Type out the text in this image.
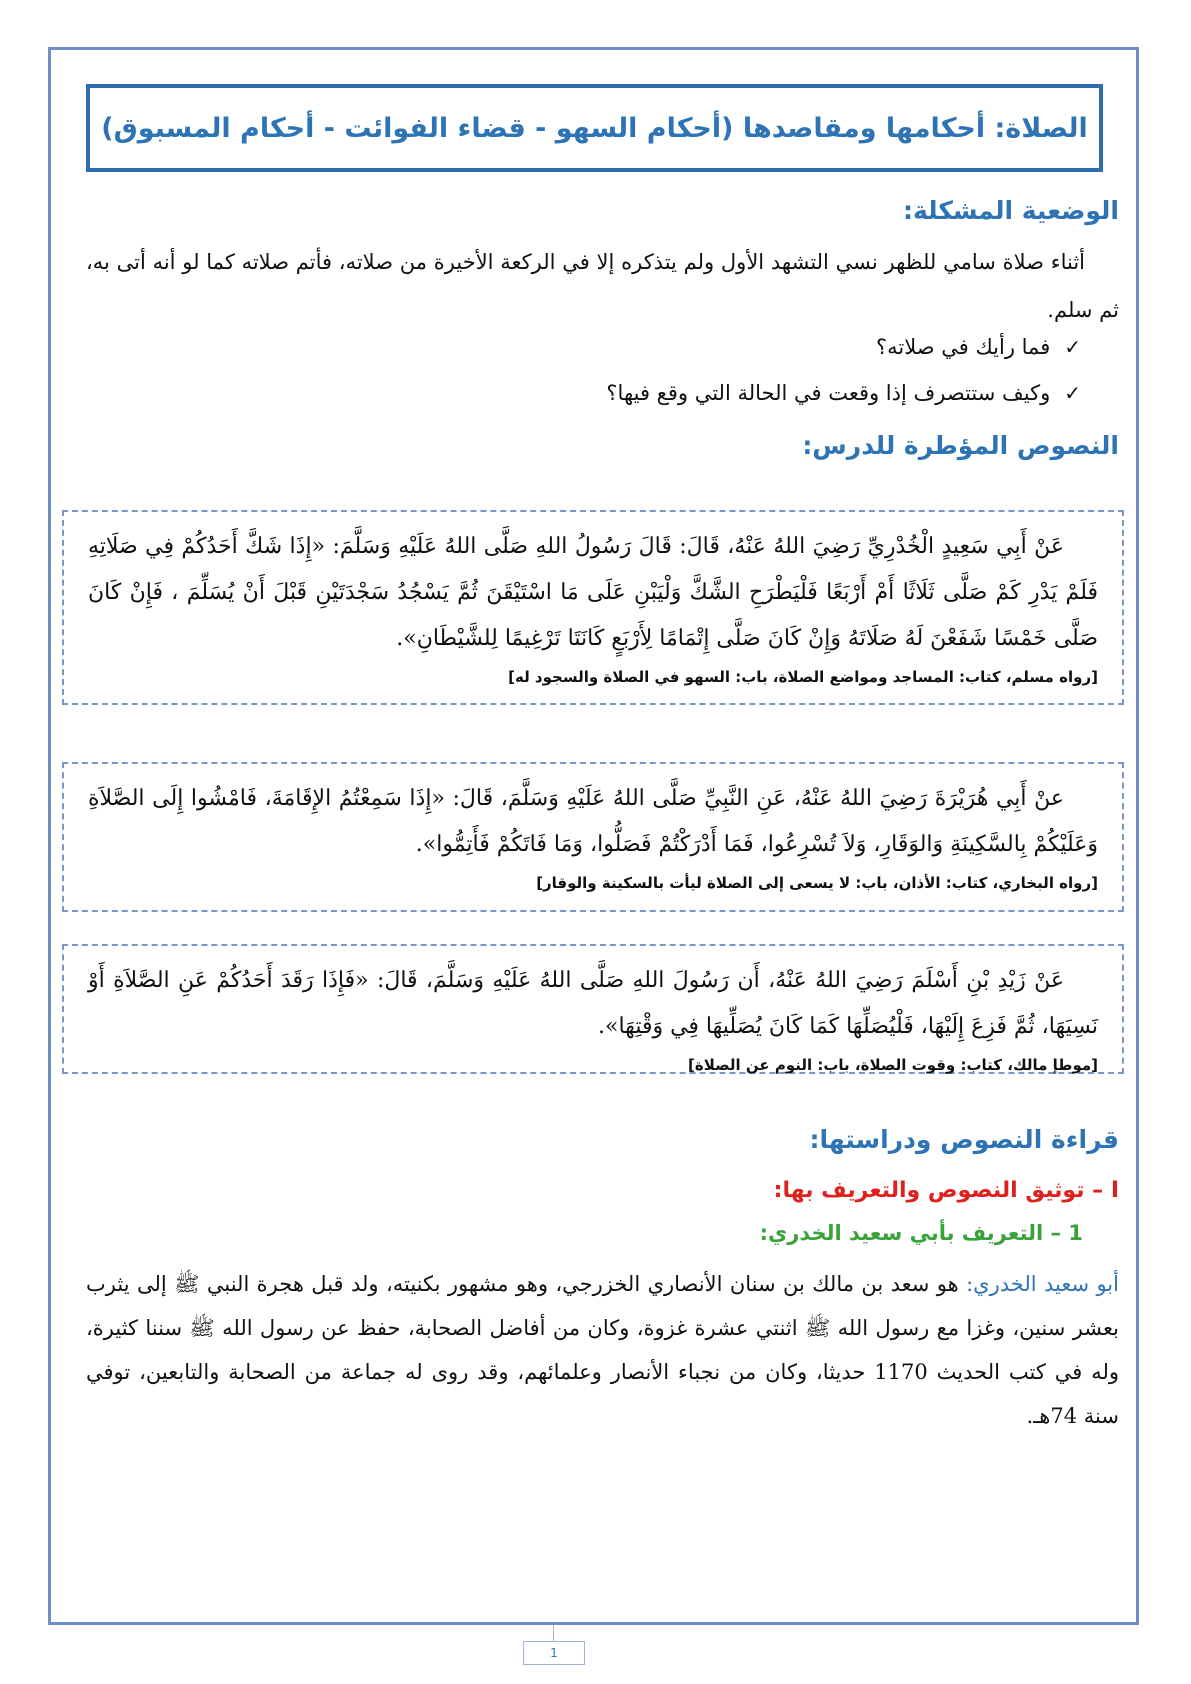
الصلاة: أحكامها ومقاصدها (أحكام السهو - قضاء الفوائت - أحكام المسبوق)
الوضعية المشكلة:
أثناء صلاة سامي للظهر نسي التشهد الأول ولم يتذكره إلا في الركعة الأخيرة من صلاته، فأتم صلاته كما لو أنه أتى به، ثم سلم.
✓
فما رأيك في صلاته؟
✓
وكيف ستتصرف إذا وقعت في الحالة التي وقع فيها؟
النصوص المؤطرة للدرس:
عَنْ أَبِي سَعِيدٍ الْخُدْرِيِّ رَضِيَ اللهُ عَنْهُ، قَالَ: قَالَ رَسُولُ اللهِ صَلَّى اللهُ عَلَيْهِ وَسَلَّمَ: «إِذَا شَكَّ أَحَدُكُمْ فِي صَلَاتِهِ فَلَمْ يَدْرِ كَمْ صَلَّى ثَلَاثًا أَمْ أَرْبَعًا فَلْيَطْرَحِ الشَّكَّ وَلْيَبْنِ عَلَى مَا اسْتَيْقَنَ ثُمَّ يَسْجُدُ سَجْدَتَيْنِ قَبْلَ أَنْ يُسَلِّمَ ، فَإِنْ كَانَ صَلَّى خَمْسًا شَفَعْنَ لَهُ صَلَاتَهُ وَإِنْ كَانَ صَلَّى إِتْمَامًا لِأَرْبَعٍ كَانَتَا تَرْغِيمًا لِلشَّيْطَانِ».
[رواه مسلم، كتاب: المساجد ومواضع الصلاة، باب: السهو في الصلاة والسجود له]
عنْ أَبِي هُرَيْرَةَ رَضِيَ اللهُ عَنْهُ، عَنِ النَّبِيِّ صَلَّى اللهُ عَلَيْهِ وَسَلَّمَ، قَالَ: «إِذَا سَمِعْتُمُ الإِقَامَةَ، فَامْشُوا إِلَى الصَّلاَةِ وَعَلَيْكُمْ بِالسَّكِينَةِ وَالوَقَارِ، وَلاَ تُسْرِعُوا، فَمَا أَدْرَكْتُمْ فَصَلُّوا، وَمَا فَاتَكُمْ فَأَتِمُّوا».
[رواه البخاري، كتاب: الأذان، باب: لا يسعى إلى الصلاة ليأت بالسكينة والوقار]
عَنْ زَيْدِ بْنِ أَسْلَمَ رَضِيَ اللهُ عَنْهُ، أَن رَسُولَ اللهِ صَلَّى اللهُ عَلَيْهِ وَسَلَّمَ، قَالَ: «فَإِذَا رَقَدَ أَحَدُكُمْ عَنِ الصَّلاَةِ أَوْ نَسِيَهَا، ثُمَّ فَزِعَ إِلَيْهَا، فَلْيُصَلِّهَا كَمَا كَانَ يُصَلِّيهَا فِي وَقْتِهَا».
[موطإ مالك، كتاب: وقوت الصلاة، باب: النوم عن الصلاة]
قراءة النصوص ودراستها:
I – توثيق النصوص والتعريف بها:
1 – التعريف بأبي سعيد الخدري:
أبو سعيد الخدري: هو سعد بن مالك بن سنان الأنصاري الخزرجي، وهو مشهور بكنيته، ولد قبل هجرة النبي ﷺ إلى يثرب بعشر سنين، وغزا مع رسول الله ﷺ اثنتي عشرة غزوة، وكان من أفاضل الصحابة، حفظ عن رسول الله ﷺ سننا كثيرة، وله في كتب الحديث 1170 حديثا، وكان من نجباء الأنصار وعلمائهم، وقد روى له جماعة من الصحابة والتابعين، توفي سنة 74هـ.
1
